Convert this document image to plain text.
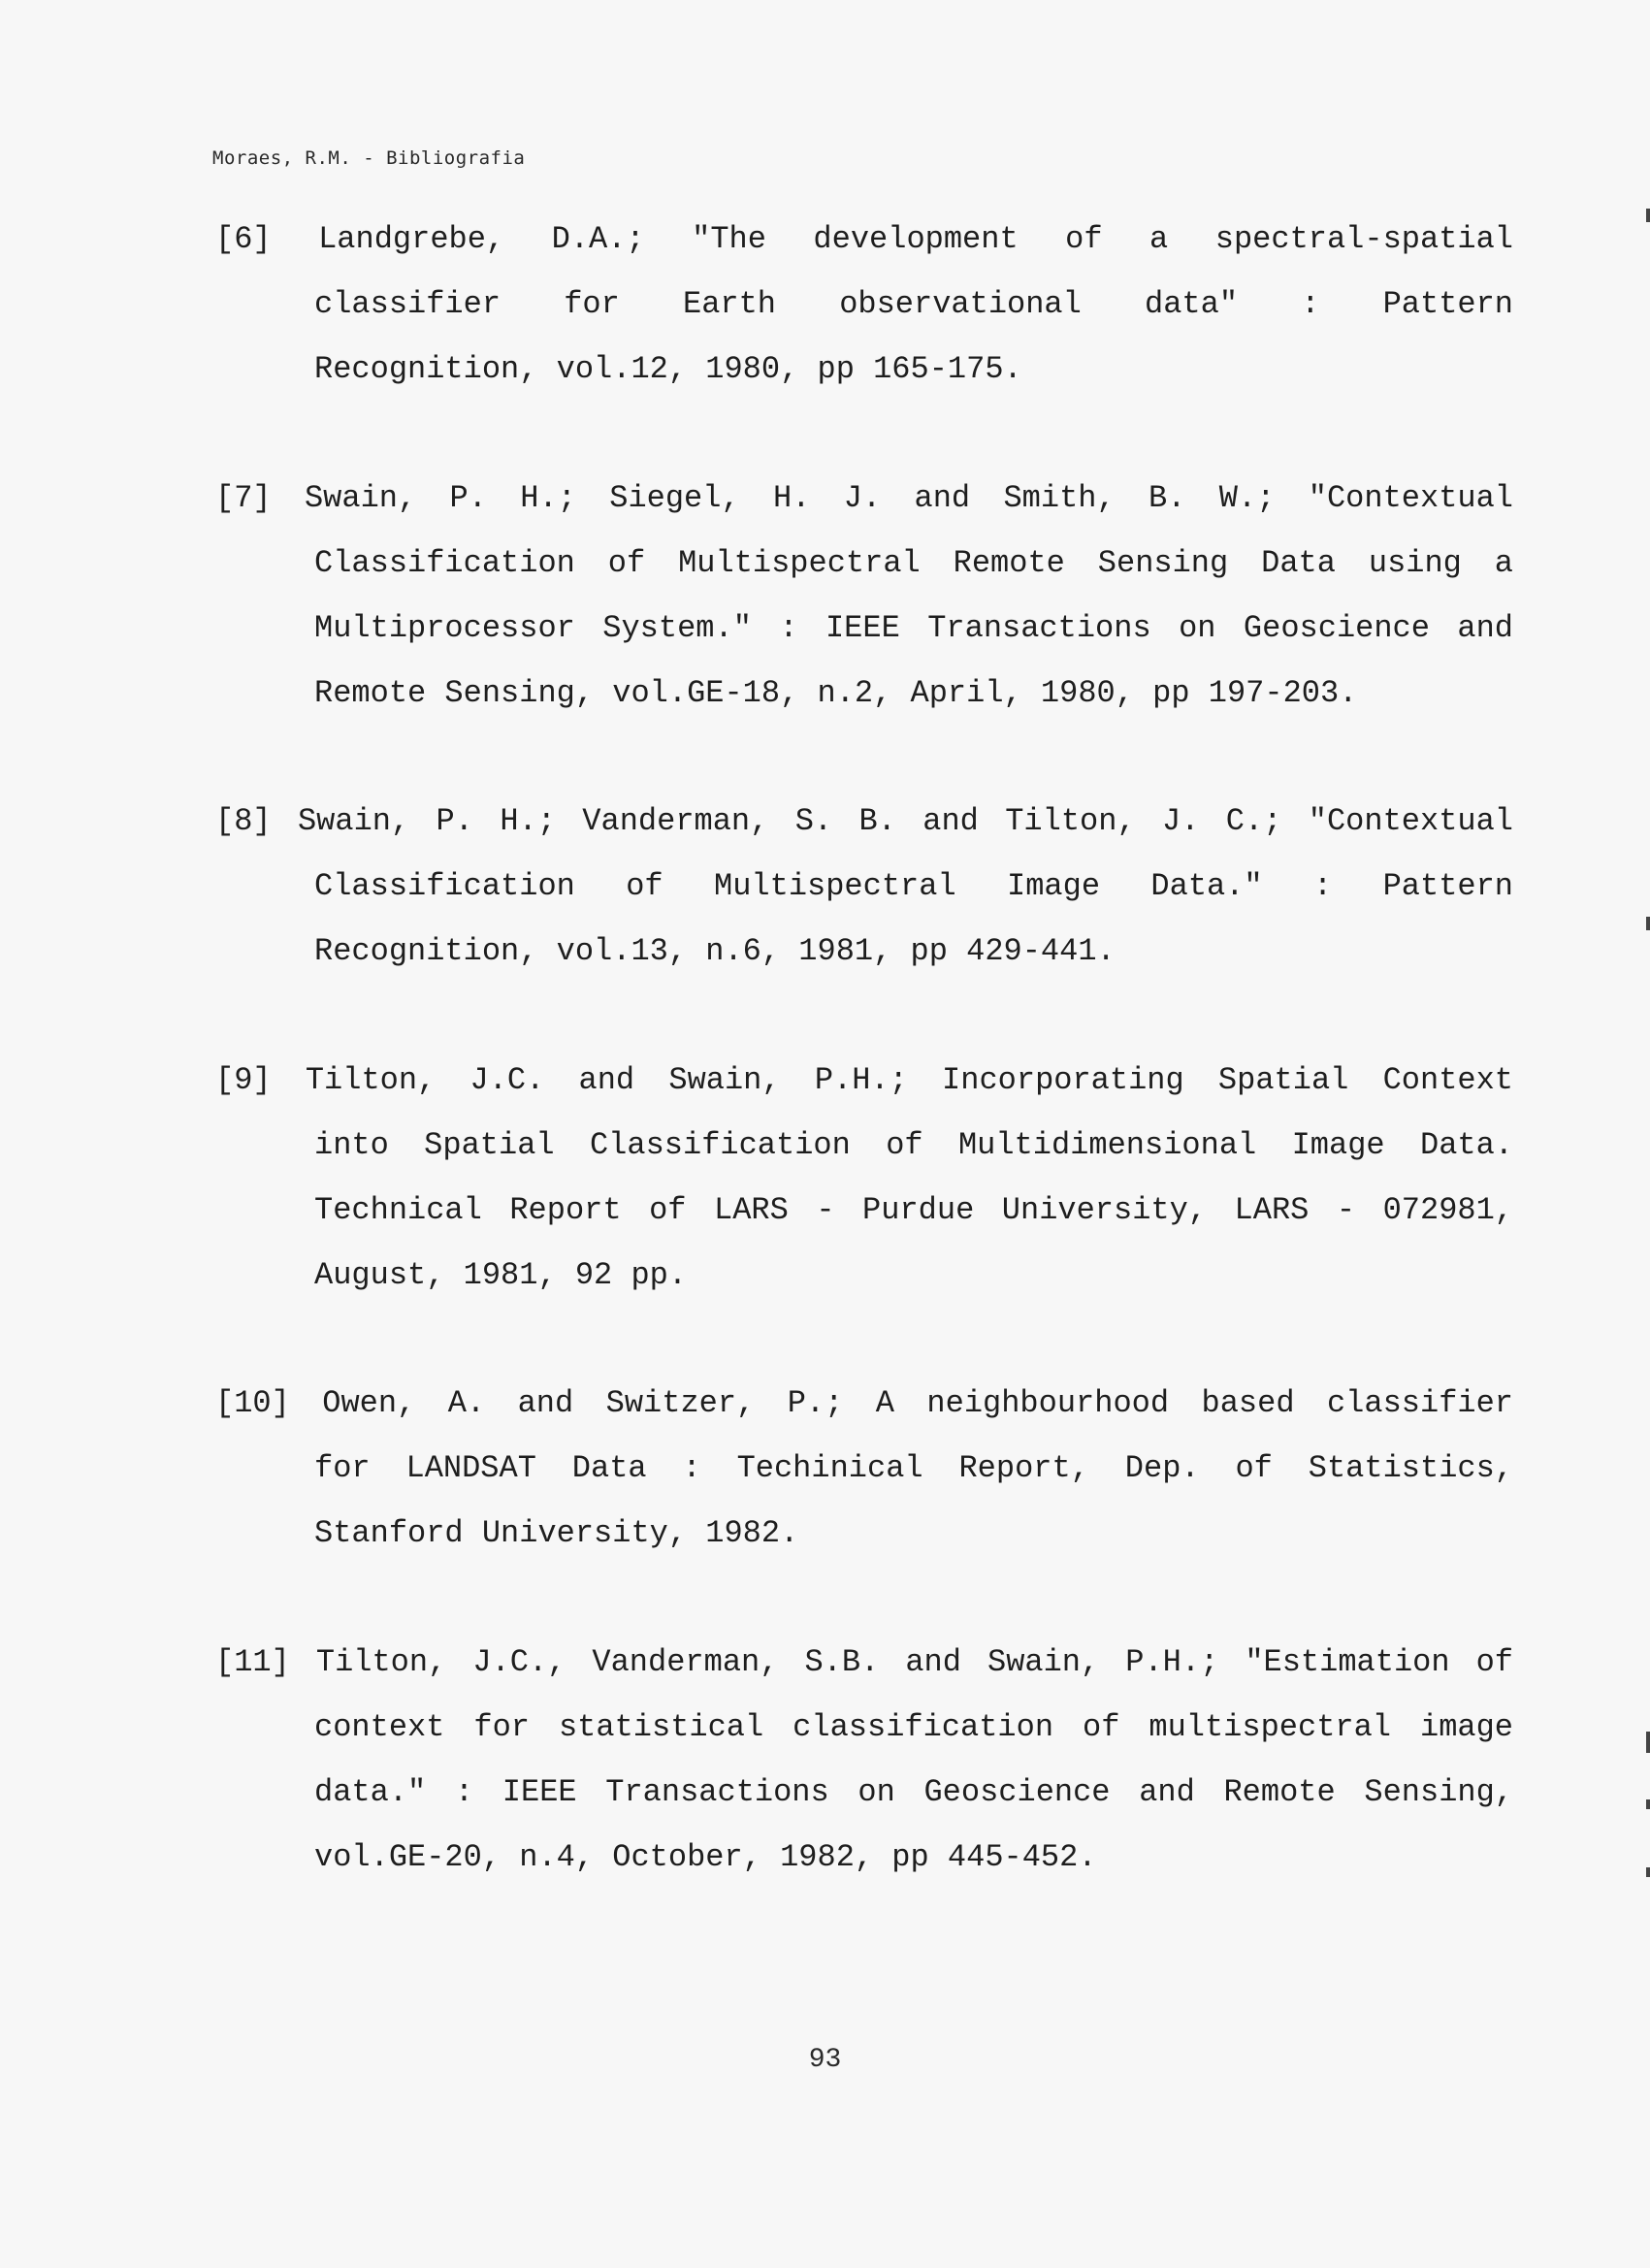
Moraes, R.M. - Bibliografia
[6] Landgrebe, D.A.; "The development of a spectral-spatial
classifier for Earth observational data" : Pattern
Recognition, vol.12, 1980, pp 165-175.
[7] Swain, P. H.; Siegel, H. J. and Smith, B. W.; "Contextual
Classification of Multispectral Remote Sensing Data using a
Multiprocessor System." : IEEE Transactions on Geoscience and
Remote Sensing, vol.GE-18, n.2, April, 1980, pp 197-203.
[8] Swain, P. H.; Vanderman, S. B. and Tilton, J. C.; "Contextual
Classification of Multispectral Image Data." : Pattern
Recognition, vol.13, n.6, 1981, pp 429-441.
[9] Tilton, J.C. and Swain, P.H.; Incorporating Spatial Context
into Spatial Classification of Multidimensional Image Data.
Technical Report of LARS - Purdue University, LARS - 072981,
August, 1981, 92 pp.
[10] Owen, A. and Switzer, P.; A neighbourhood based classifier
for LANDSAT Data : Techinical Report, Dep. of Statistics,
Stanford University, 1982.
[11] Tilton, J.C., Vanderman, S.B. and Swain, P.H.; "Estimation of
context for statistical classification of multispectral image
data." : IEEE Transactions on Geoscience and Remote Sensing,
vol.GE-20, n.4, October, 1982, pp 445-452.
93
